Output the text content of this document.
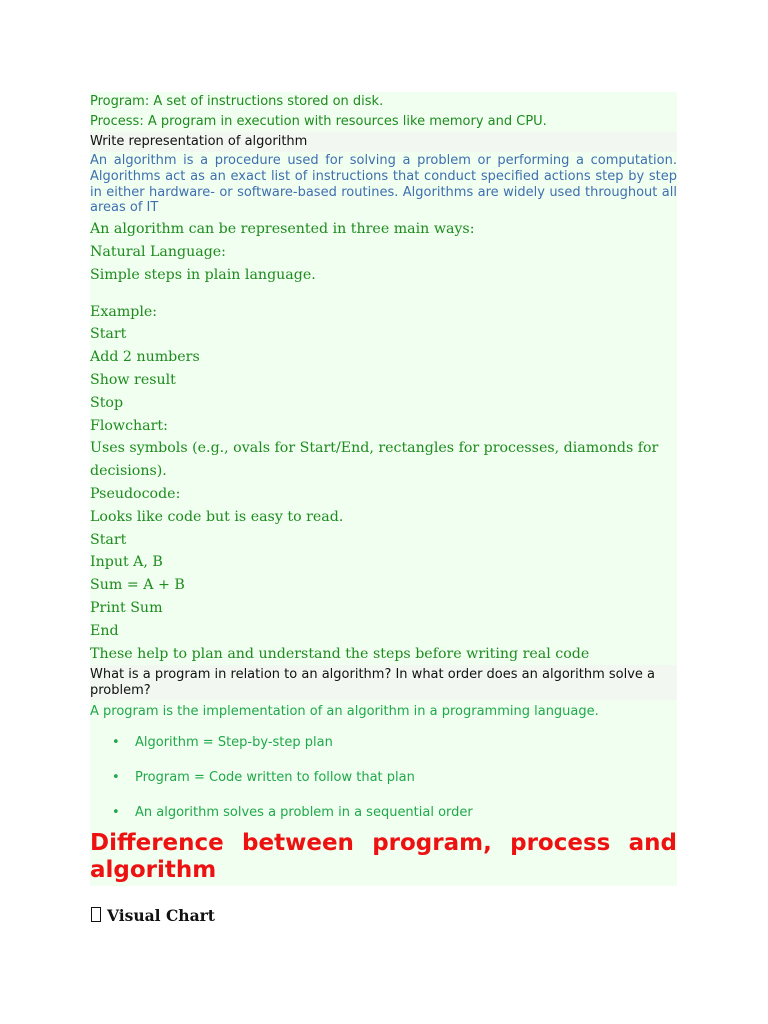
Program: A set of instructions stored on disk.
Process: A program in execution with resources like memory and CPU.
Write representation of algorithm
An algorithm is a procedure used for solving a problem or performing a computation. Algorithms act as an exact list of instructions that conduct specified actions step by step in either hardware- or software-based routines. Algorithms are widely used throughout all areas of IT
An algorithm can be represented in three main ways:
Natural Language:
Simple steps in plain language.
Example:
Start
Add 2 numbers
Show result
Stop
Flowchart:
Uses symbols (e.g., ovals for Start/End, rectangles for processes, diamonds for decisions).
Pseudocode:
Looks like code but is easy to read.
Start
Input A, B
Sum = A + B
Print Sum
End
These help to plan and understand the steps before writing real code
What is a program in relation to an algorithm? In what order does an algorithm solve a problem?
A program is the implementation of an algorithm in a programming language.
• Algorithm = Step-by-step plan
• Program = Code written to follow that plan
• An algorithm solves a problem in a sequential order
Difference between program, process and algorithm
Visual Chart
